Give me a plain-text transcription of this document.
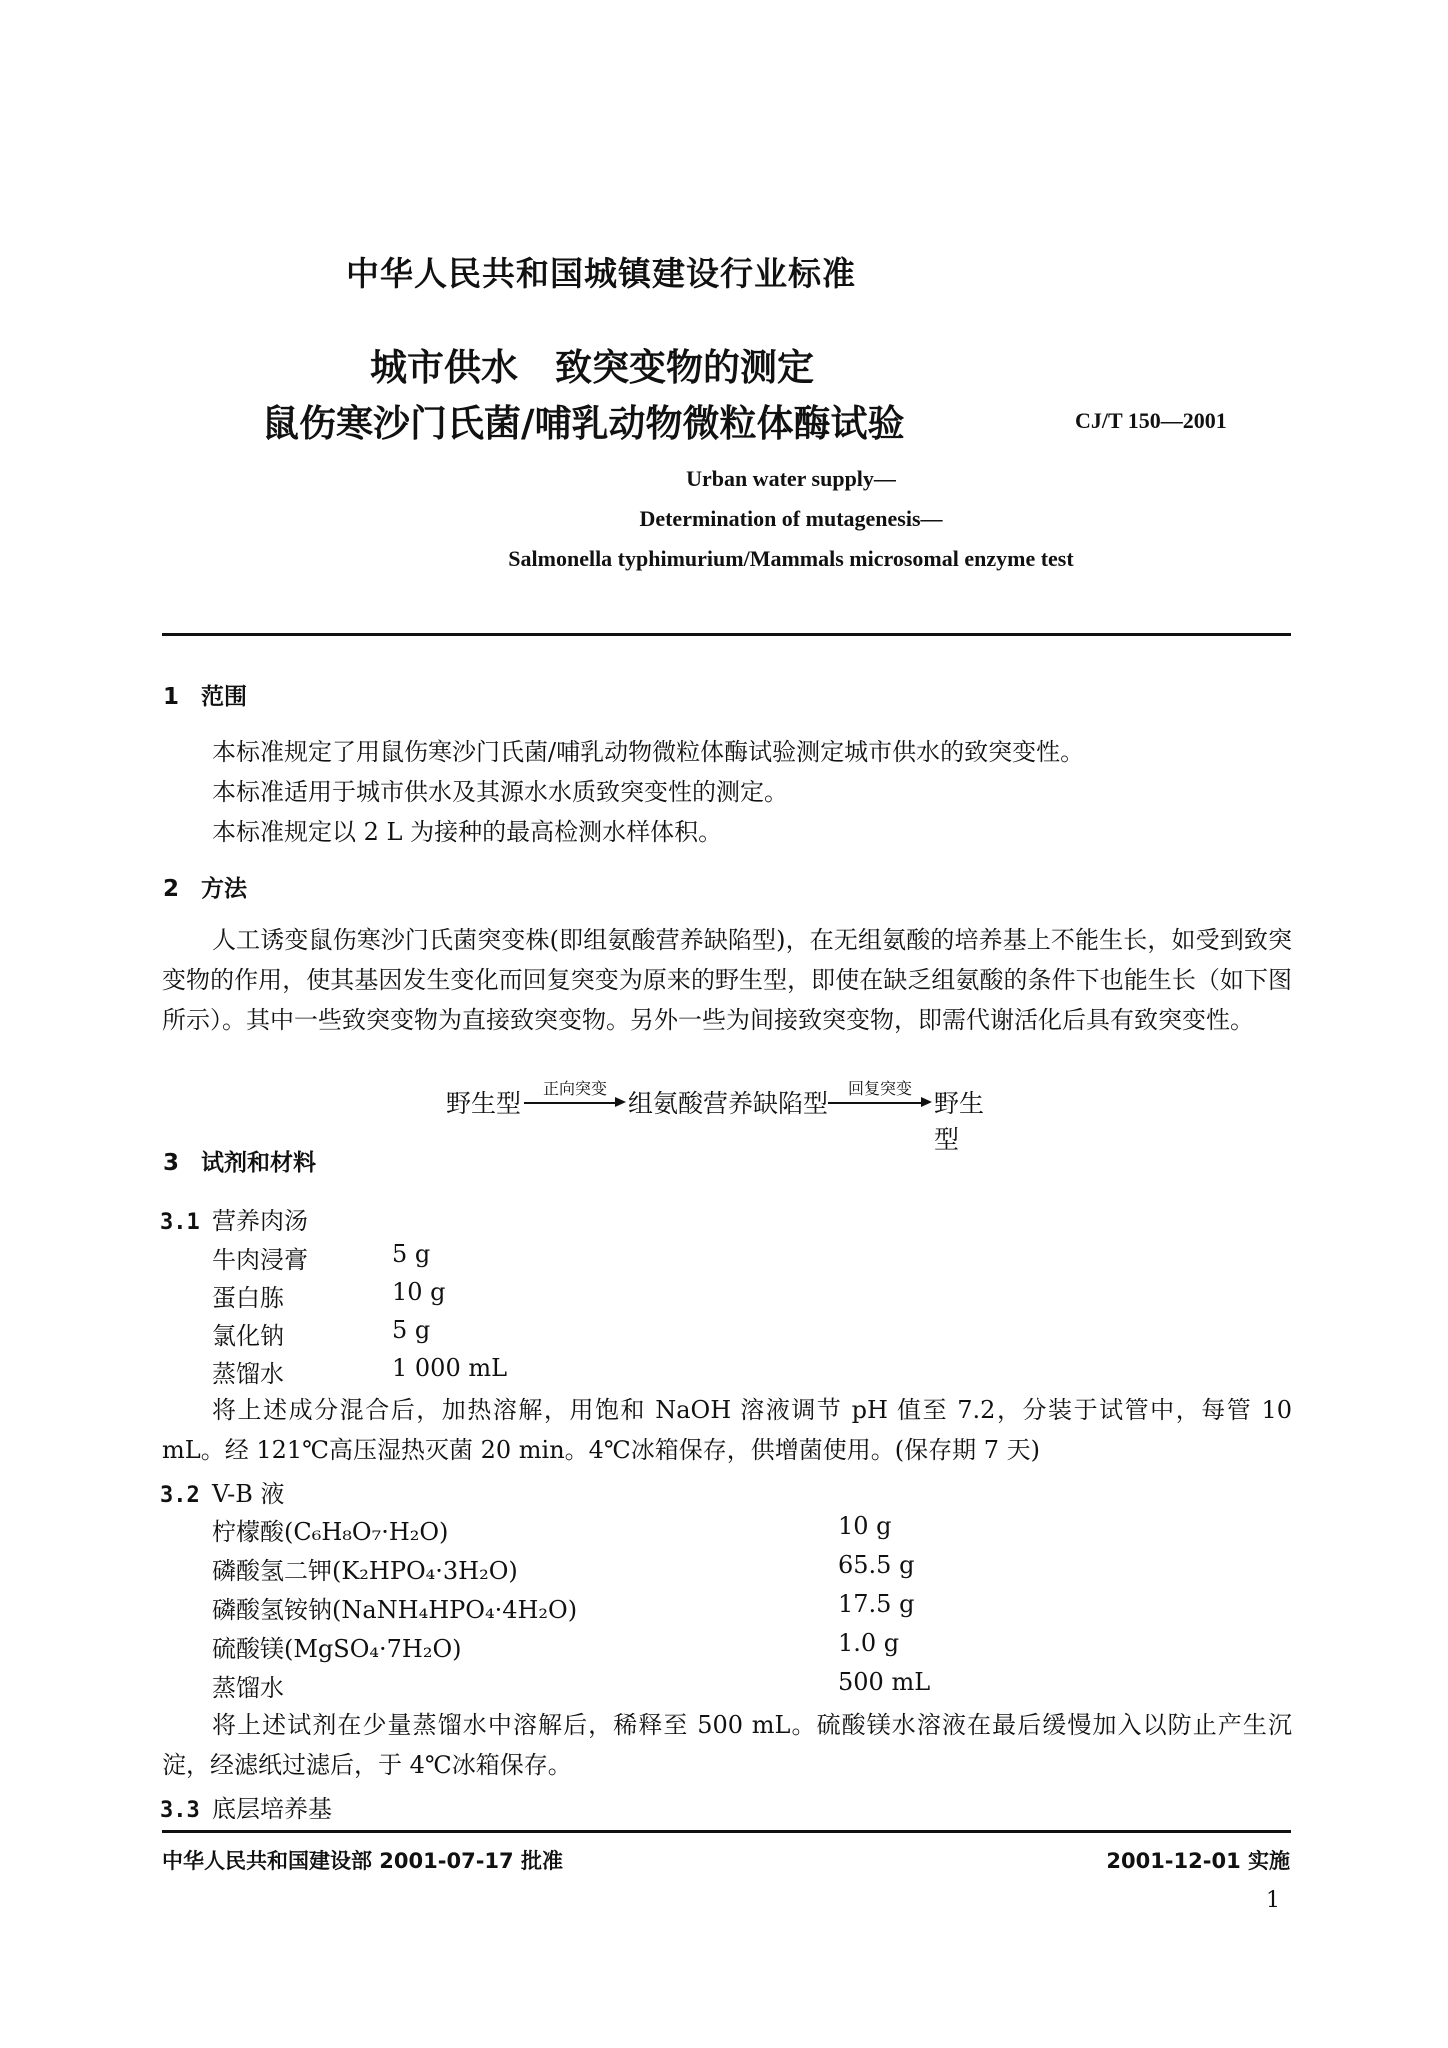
中华人民共和国城镇建设行业标准
城市供水　致突变物的测定
鼠伤寒沙门氏菌/哺乳动物微粒体酶试验	CJ/T 150—2001
Urban water supply—
Determination of mutagenesis—
Salmonella typhimurium/Mammals microsomal enzyme test
1 范围
本标准规定了用鼠伤寒沙门氏菌/哺乳动物微粒体酶试验测定城市供水的致突变性。
本标准适用于城市供水及其源水水质致突变性的测定。
本标准规定以 2 L 为接种的最高检测水样体积。
2 方法
人工诱变鼠伤寒沙门氏菌突变株(即组氨酸营养缺陷型)，在无组氨酸的培养基上不能生长，如受到致突变物的作用，使其基因发生变化而回复突变为原来的野生型，即使在缺乏组氨酸的条件下也能生长（如下图所示）。其中一些致突变物为直接致突变物。另外一些为间接致突变物，即需代谢活化后具有致突变性。
野生型
正向突变
组氨酸营养缺陷型
回复突变
野生型
3 试剂和材料
3.1 营养肉汤
牛肉浸膏	5 g
蛋白胨	10 g
氯化钠	5 g
蒸馏水	1 000 mL
将上述成分混合后，加热溶解，用饱和 NaOH 溶液调节 pH 值至 7.2，分装于试管中，每管 10 mL。经 121℃高压湿热灭菌 20 min。4℃冰箱保存，供增菌使用。(保存期 7 天)
3.2 V-B 液
柠檬酸(C₆H₈O₇·H₂O)	10 g
磷酸氢二钾(K₂HPO₄·3H₂O)	65.5 g
磷酸氢铵钠(NaNH₄HPO₄·4H₂O)	17.5 g
硫酸镁(MgSO₄·7H₂O)	1.0 g
蒸馏水	500 mL
将上述试剂在少量蒸馏水中溶解后，稀释至 500 mL。硫酸镁水溶液在最后缓慢加入以防止产生沉淀，经滤纸过滤后，于 4℃冰箱保存。
3.3 底层培养基
中华人民共和国建设部 2001-07-17 批准	2001-12-01 实施
1
